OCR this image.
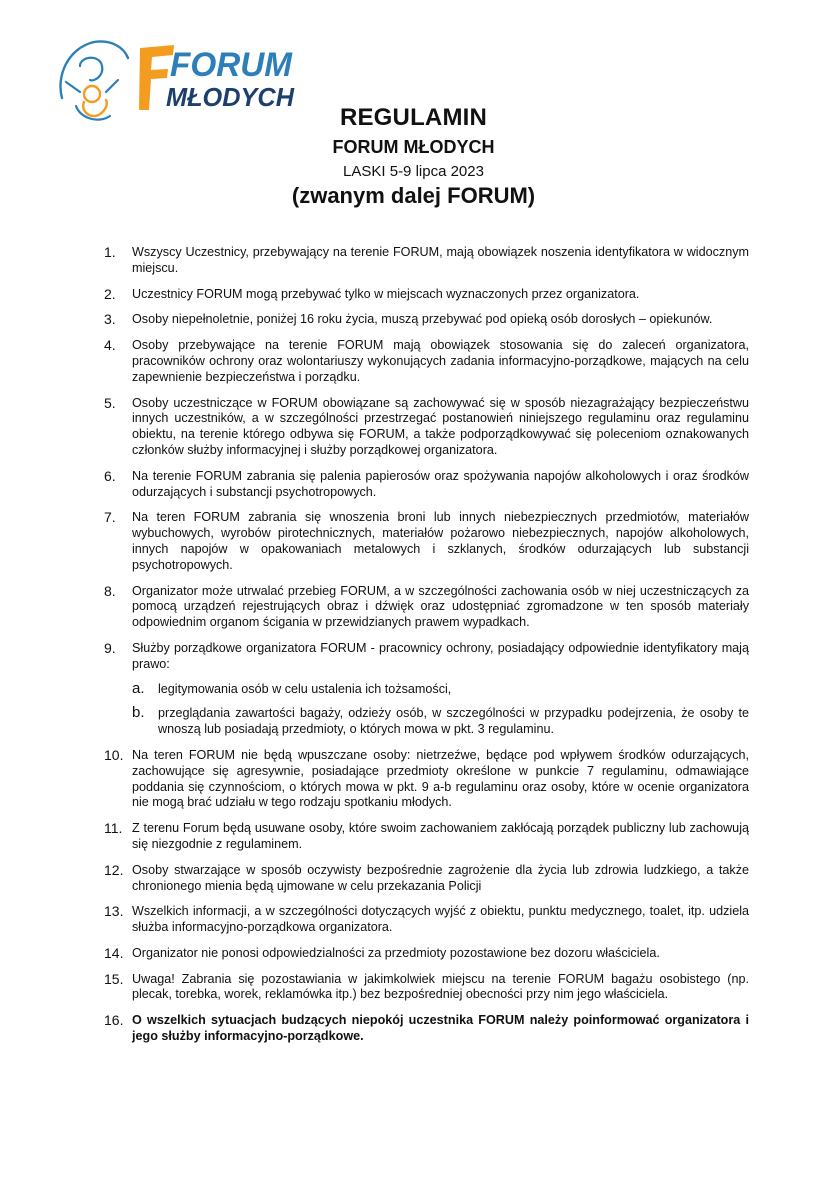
FORUM
MŁODYCH
REGULAMIN
FORUM MŁODYCH
LASKI 5-9 lipca 2023
(zwanym dalej FORUM)
1. Wszyscy Uczestnicy, przebywający na terenie FORUM, mają obowiązek noszenia identyfikatora w widocznym miejscu.
2. Uczestnicy FORUM mogą przebywać tylko w miejscach wyznaczonych przez organizatora.
3. Osoby niepełnoletnie, poniżej 16 roku życia, muszą przebywać pod opieką osób dorosłych – opiekunów.
4. Osoby przebywające na terenie FORUM mają obowiązek stosowania się do zaleceń organizatora, pracowników ochrony oraz wolontariuszy wykonujących zadania informacyjno-porządkowe, mających na celu zapewnienie bezpieczeństwa i porządku.
5. Osoby uczestniczące w FORUM obowiązane są zachowywać się w sposób niezagrażający bezpieczeństwu innych uczestników, a w szczególności przestrzegać postanowień niniejszego regulaminu oraz regulaminu obiektu, na terenie którego odbywa się FORUM, a także podporządkowywać się poleceniom oznakowanych członków służby informacyjnej i służby porządkowej organizatora.
6. Na terenie FORUM zabrania się palenia papierosów oraz spożywania napojów alkoholowych i oraz środków odurzających i substancji psychotropowych.
7. Na teren FORUM zabrania się wnoszenia broni lub innych niebezpiecznych przedmiotów, materiałów wybuchowych, wyrobów pirotechnicznych, materiałów pożarowo niebezpiecznych, napojów alkoholowych, innych napojów w opakowaniach metalowych i szklanych, środków odurzających lub substancji psychotropowych.
8. Organizator może utrwalać przebieg FORUM, a w szczególności zachowania osób w niej uczestniczących za pomocą urządzeń rejestrujących obraz i dźwięk oraz udostępniać zgromadzone w ten sposób materiały odpowiednim organom ścigania w przewidzianych prawem wypadkach.
9. Służby porządkowe organizatora FORUM - pracownicy ochrony, posiadający odpowiednie identyfikatory mają prawo:
a. legitymowania osób w celu ustalenia ich tożsamości,
b. przeglądania zawartości bagaży, odzieży osób, w szczególności w przypadku podejrzenia, że osoby te wnoszą lub posiadają przedmioty, o których mowa w pkt. 3 regulaminu.
10. Na teren FORUM nie będą wpuszczane osoby: nietrzeźwe, będące pod wpływem środków odurzających, zachowujące się agresywnie, posiadające przedmioty określone w punkcie 7 regulaminu, odmawiające poddania się czynnościom, o których mowa w pkt. 9 a-b regulaminu oraz osoby, które w ocenie organizatora nie mogą brać udziału w tego rodzaju spotkaniu młodych.
11. Z terenu Forum będą usuwane osoby, które swoim zachowaniem zakłócają porządek publiczny lub zachowują się niezgodnie z regulaminem.
12. Osoby stwarzające w sposób oczywisty bezpośrednie zagrożenie dla życia lub zdrowia ludzkiego, a także chronionego mienia będą ujmowane w celu przekazania Policji
13. Wszelkich informacji, a w szczególności dotyczących wyjść z obiektu, punktu medycznego, toalet, itp. udziela służba informacyjno-porządkowa organizatora.
14. Organizator nie ponosi odpowiedzialności za przedmioty pozostawione bez dozoru właściciela.
15. Uwaga! Zabrania się pozostawiania w jakimkolwiek miejscu na terenie FORUM bagażu osobistego (np. plecak, torebka, worek, reklamówka itp.) bez bezpośredniej obecności przy nim jego właściciela.
16. O wszelkich sytuacjach budzących niepokój uczestnika FORUM należy poinformować organizatora i jego służby informacyjno-porządkowe.
